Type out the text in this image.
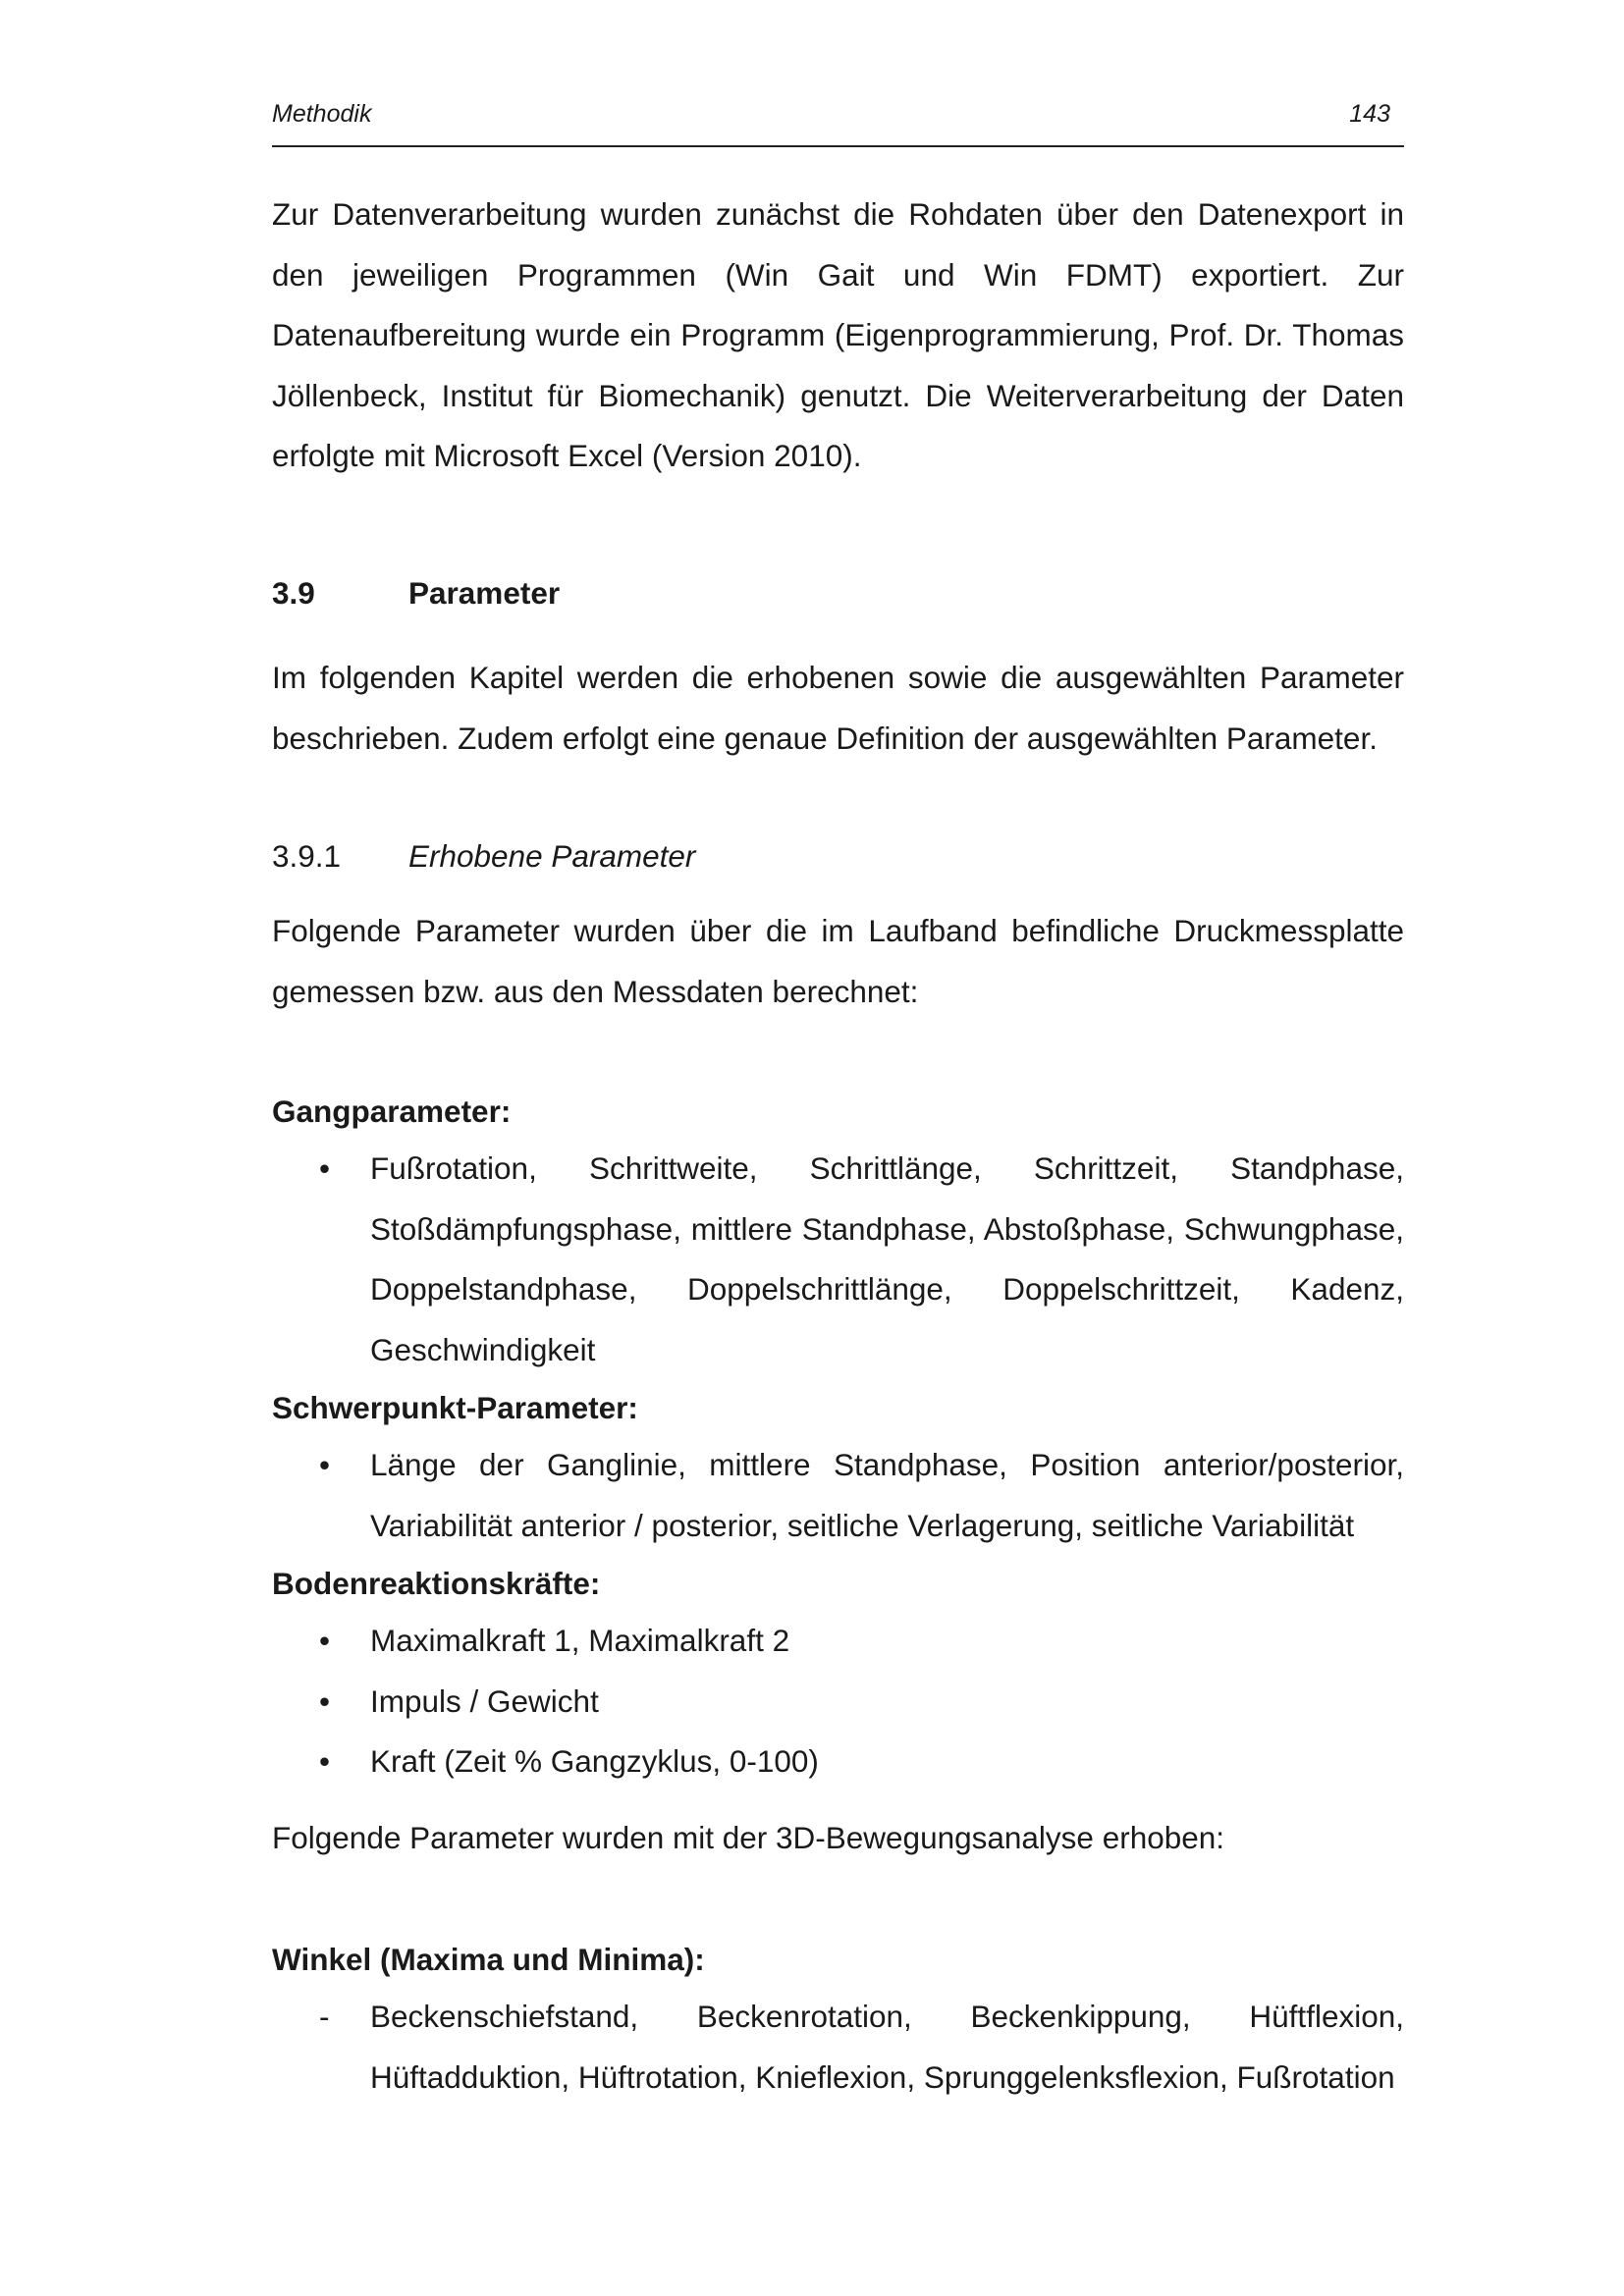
Methodik	143

Zur Datenverarbeitung wurden zunächst die Rohdaten über den Datenexport in den jeweiligen Programmen (Win Gait und Win FDMT) exportiert. Zur Datenaufbereitung wurde ein Programm (Eigenprogrammierung, Prof. Dr. Thomas Jöllenbeck, Institut für Biomechanik) genutzt. Die Weiterverarbeitung der Daten erfolgte mit Microsoft Excel (Version 2010).

3.9	Parameter

Im folgenden Kapitel werden die erhobenen sowie die ausgewählten Parameter beschrieben. Zudem erfolgt eine genaue Definition der ausgewählten Parameter.

3.9.1 Erhobene Parameter

Folgende Parameter wurden über die im Laufband befindliche Druckmessplatte gemessen bzw. aus den Messdaten berechnet:

Gangparameter:
•	Fußrotation, Schrittweite, Schrittlänge, Schrittzeit, Standphase, Stoßdämpfungsphase, mittlere Standphase, Abstoßphase, Schwungphase, Doppelstandphase, Doppelschrittlänge, Doppelschrittzeit, Kadenz, Geschwindigkeit
Schwerpunkt-Parameter:
•	Länge der Ganglinie, mittlere Standphase, Position anterior/posterior, Variabilität anterior / posterior, seitliche Verlagerung, seitliche Variabilität
Bodenreaktionskräfte:
•	Maximalkraft 1, Maximalkraft 2
•	Impuls / Gewicht
•	Kraft (Zeit % Gangzyklus, 0-100)

Folgende Parameter wurden mit der 3D-Bewegungsanalyse erhoben:

Winkel (Maxima und Minima):
-	Beckenschiefstand, Beckenrotation, Beckenkippung, Hüftflexion, Hüftadduktion, Hüftrotation, Knieflexion, Sprunggelenksflexion, Fußrotation
